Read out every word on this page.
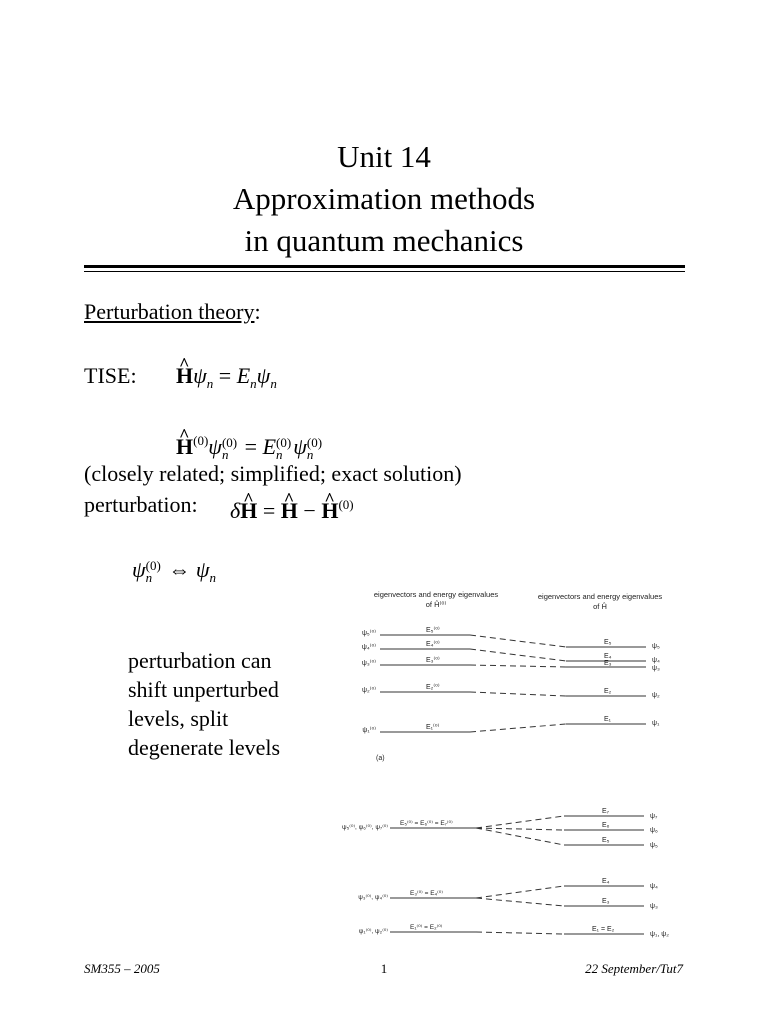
Unit 14
Approximation methods
in quantum mechanics
Perturbation theory:
TISE: ^ $H\psi_n = E_n\psi_n$
^ $H^{(0)}\psi$ (0)
n = E (0)
n ψ (0)
n
(closely related; simplified; exact solution)
perturbation: δ^ H = ^ H − ^ $H^{(0)}$
ψ (0)
n ⇔ $\psi_n$
perturbation can
shift unperturbed
levels, split
degenerate levels
eigenvectors and energy eigenvalues
of Ĥ⁽⁰⁾
eigenvectors and energy eigenvalues
of Ĥ
ψ₅⁽⁰⁾	E₅⁽⁰⁾
ψ₄⁽⁰⁾	E₄⁽⁰⁾
ψ₃⁽⁰⁾	E₃⁽⁰⁾
ψ₂⁽⁰⁾	E₂⁽⁰⁾
ψ₁⁽⁰⁾	E₁⁽⁰⁾
E₅
ψ₅
E₄
ψ₄
E₃
ψ₃
E₂
ψ₂
E₁
ψ₁
(a)
ψ₅⁽⁰⁾, ψ₆⁽⁰⁾, ψ₇⁽⁰⁾
E₅⁽⁰⁾ = E₆⁽⁰⁾ = E₇⁽⁰⁾
ψ₃⁽⁰⁾, ψ₄⁽⁰⁾
E₃⁽⁰⁾ = E₄⁽⁰⁾
ψ₁⁽⁰⁾, ψ₂⁽⁰⁾
E₁⁽⁰⁾ = E₂⁽⁰⁾
E₇
ψ₇
E₆
ψ₆
E₅
ψ₅
E₄
ψ₄
E₃
ψ₃
E₁ = E₂
ψ₁, ψ₂
SM355 – 2005	1	22 September/Tut7
